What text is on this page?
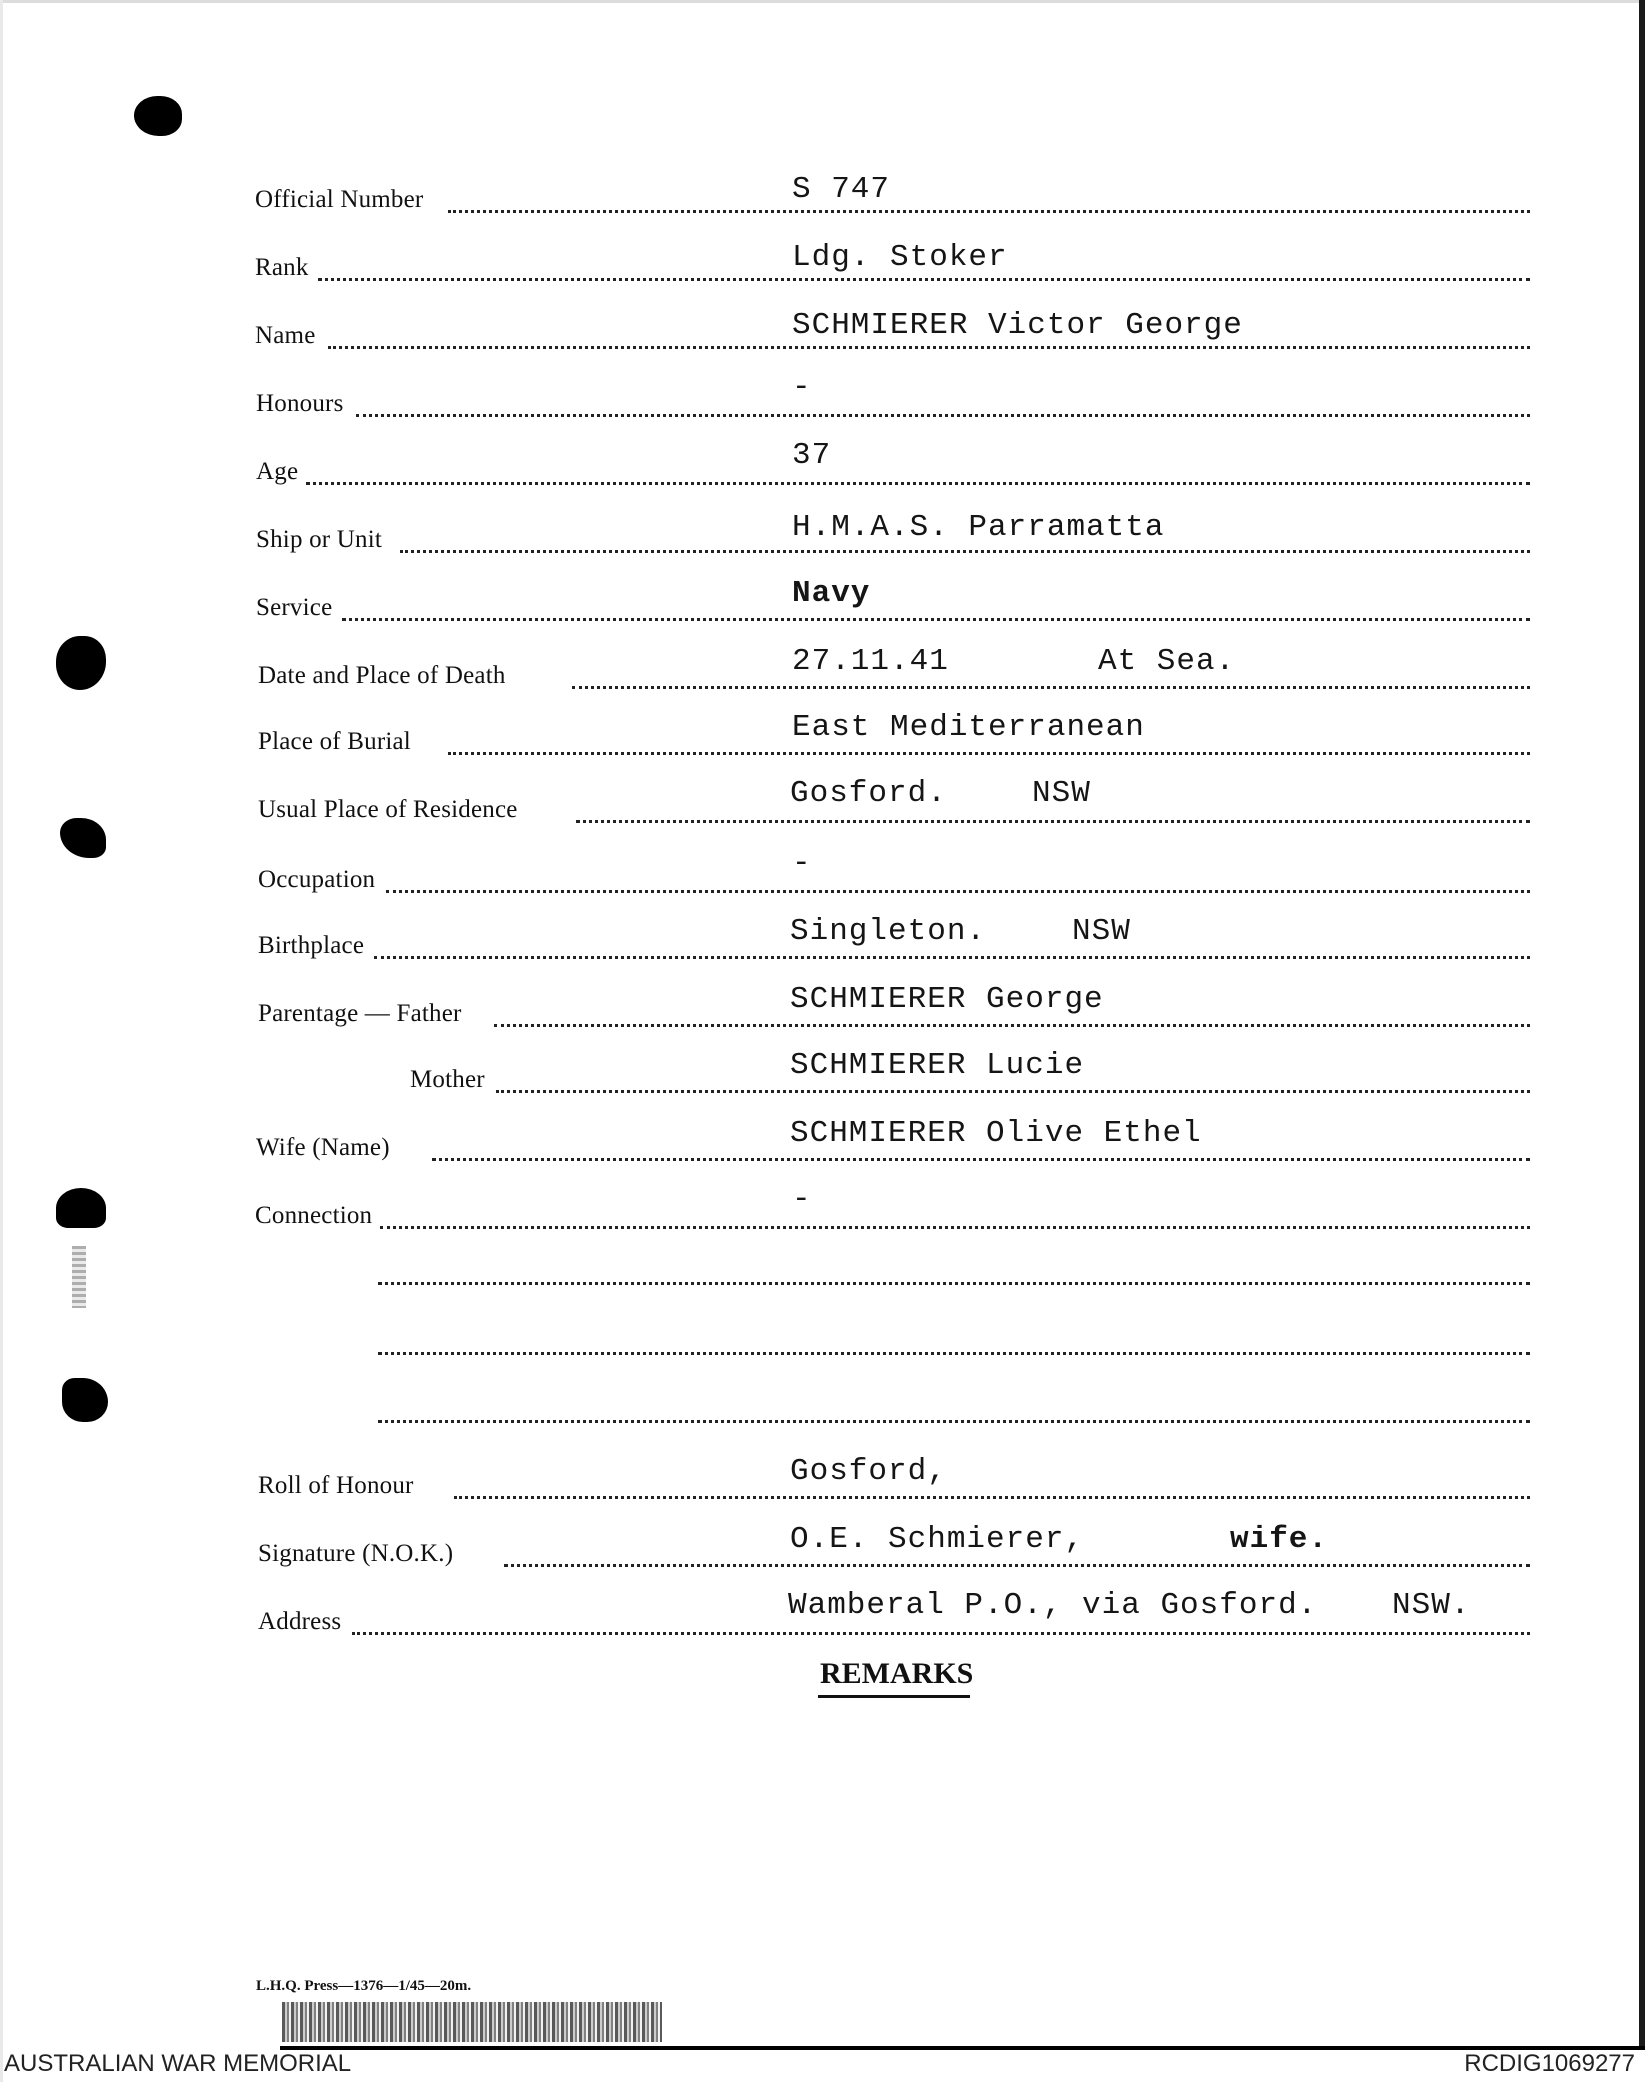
Official Number	S 747
Rank	Ldg. Stoker
Name	SCHMIERER Victor George
Honours	-
Age	37
Ship or Unit	H.M.A.S. Parramatta
Service	Navy
Date and Place of Death	27.11.41	At Sea.
Place of Burial	East Mediterranean
Usual Place of Residence	Gosford.	NSW
Occupation	-
Birthplace	Singleton.	NSW
Parentage — Father	SCHMIERER George
Mother	SCHMIERER Lucie
Wife (Name)	SCHMIERER Olive Ethel
Connection	-
Roll of Honour	Gosford,
Signature (N.O.K.)	O.E. Schmierer,	wife.
Address	Wamberal P.O., via Gosford. NSW.
REMARKS
L.H.Q. Press—1376—1/45—20m.
AUSTRALIAN WAR MEMORIAL	RCDIG1069277
